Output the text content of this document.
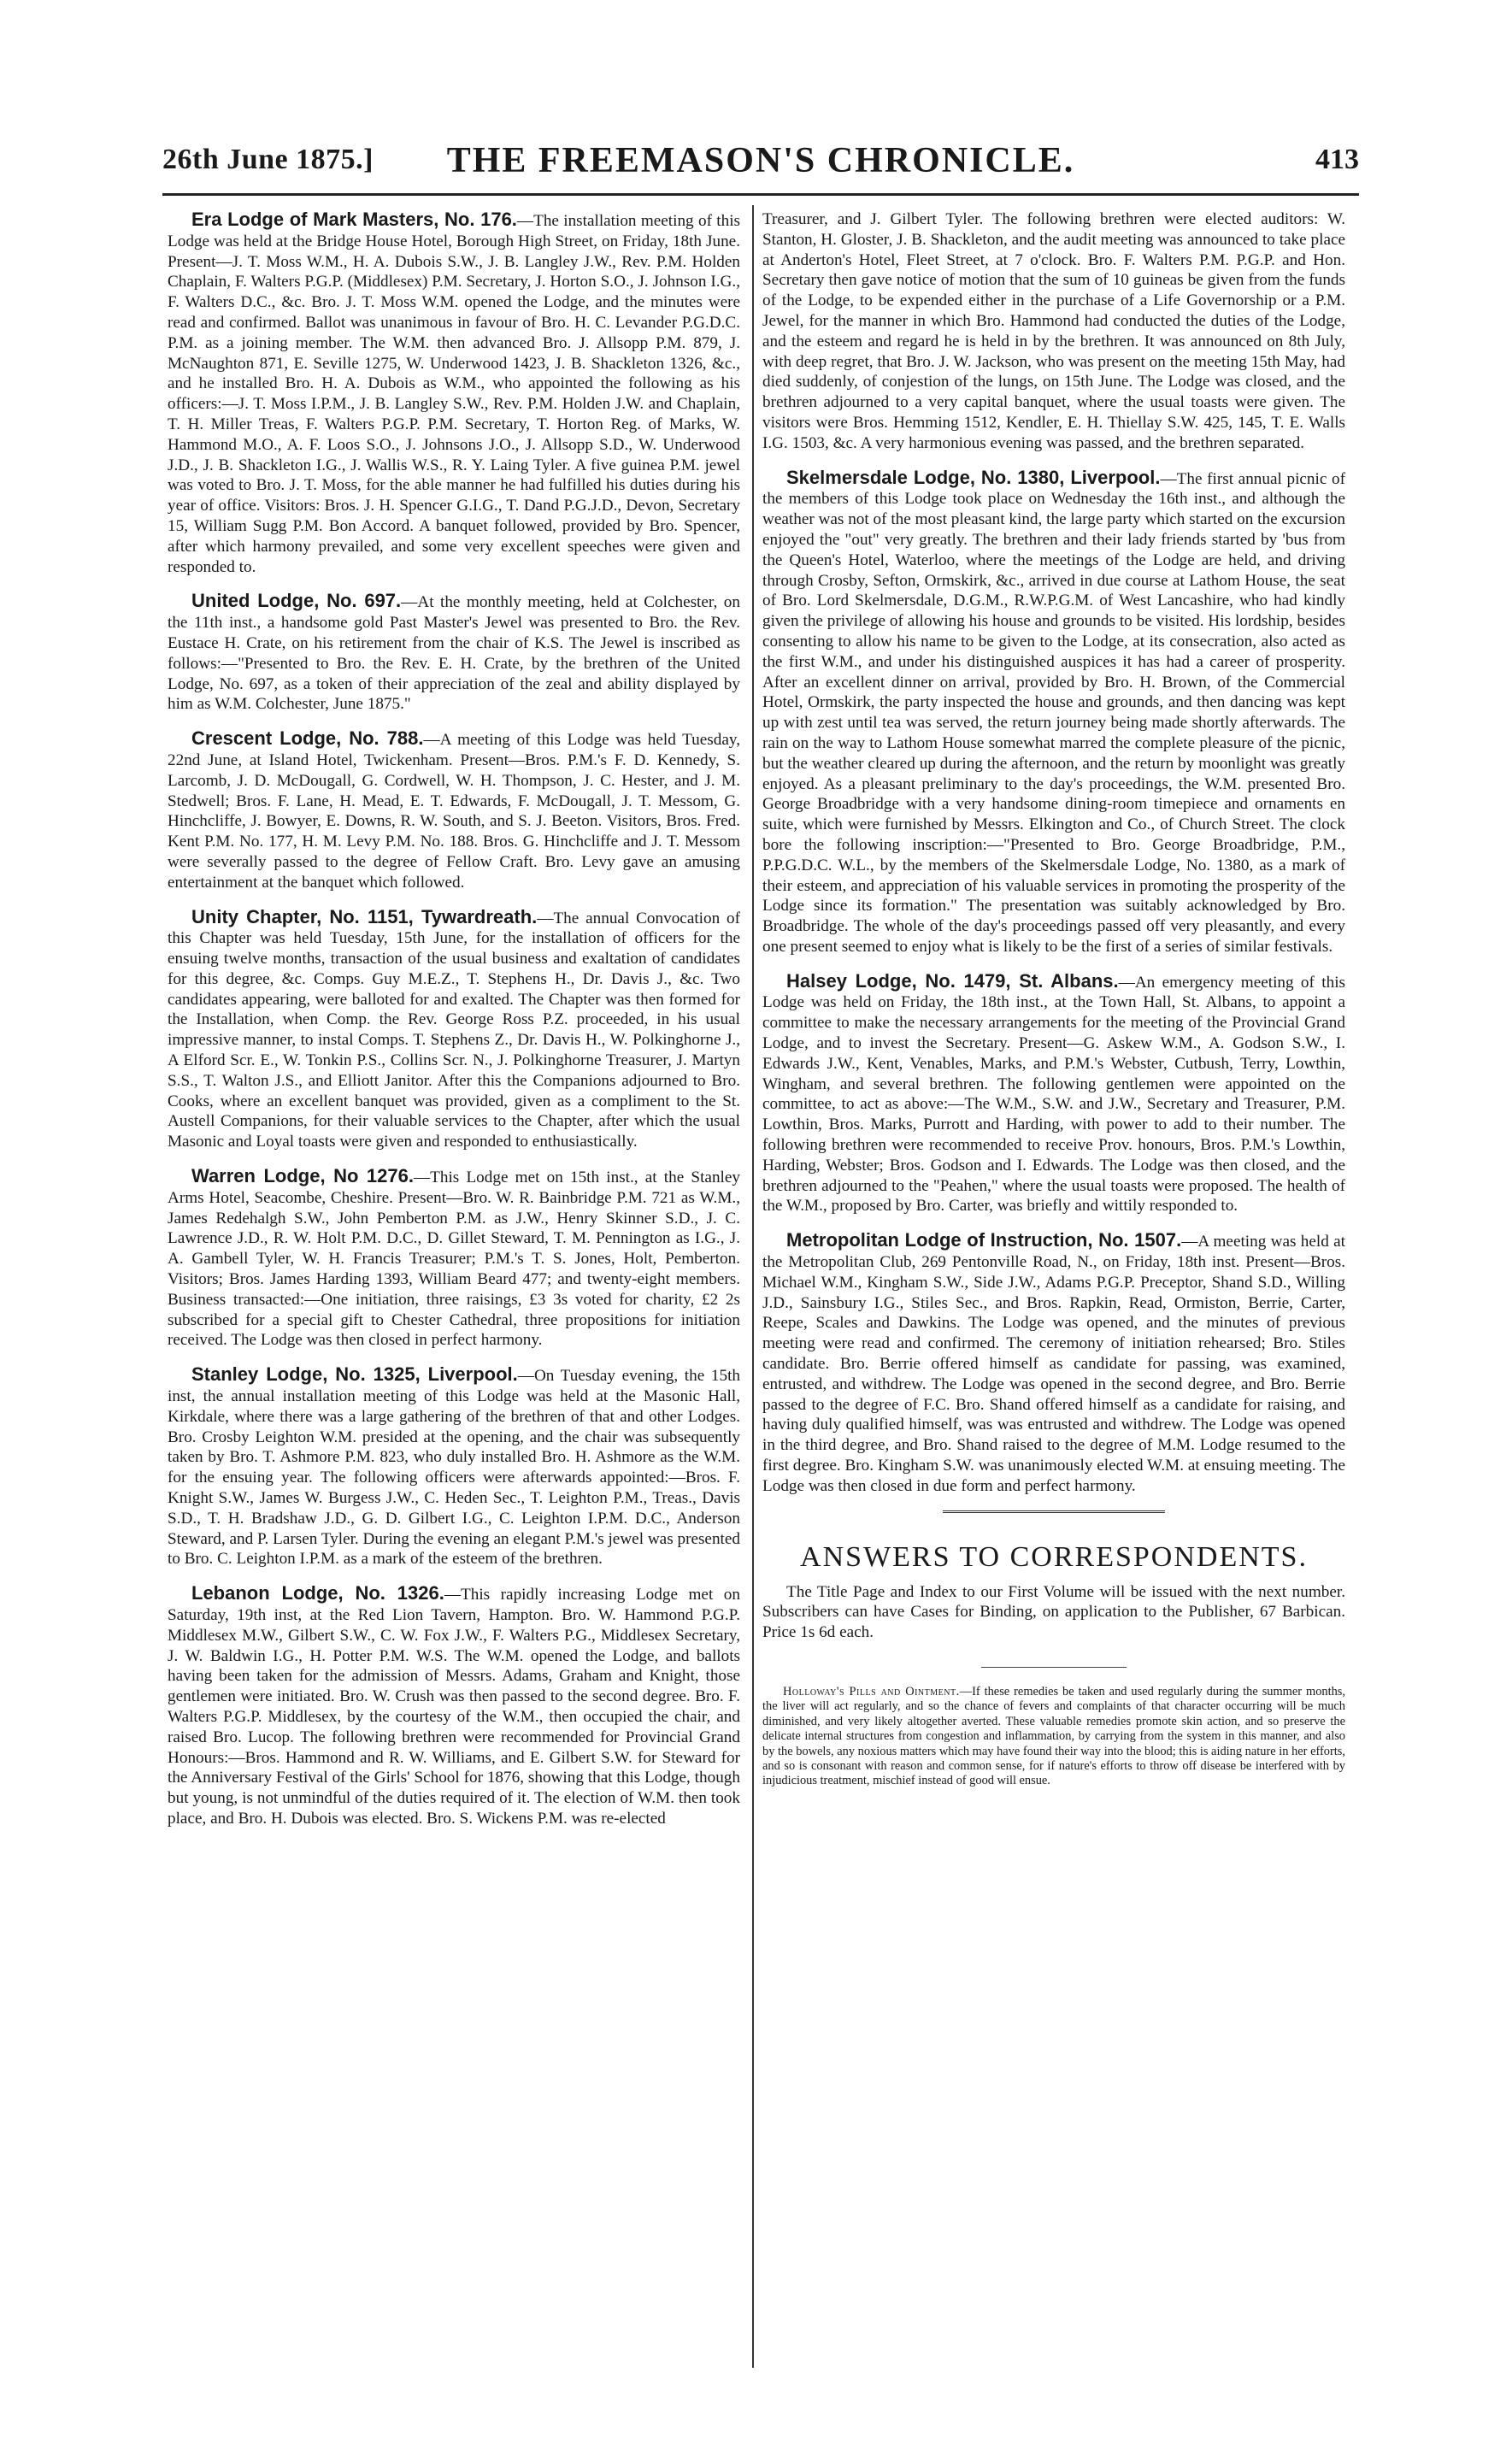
26th June 1875.]	THE FREEMASON'S CHRONICLE.	413

Era Lodge of Mark Masters, No. 176.—The installation meeting of this Lodge was held at the Bridge House Hotel, Borough High Street, on Friday, 18th June. Present—J. T. Moss W.M., H. A. Dubois S.W., J. B. Langley J.W., Rev. P.M. Holden Chaplain, F. Walters P.G.P. (Middlesex) P.M. Secretary, J. Horton S.O., J. Johnson I.G., F. Walters D.C., &c. Bro. J. T. Moss W.M. opened the Lodge, and the minutes were read and confirmed. Ballot was unanimous in favour of Bro. H. C. Levander P.G.D.C. P.M. as a joining member. The W.M. then advanced Bro. J. Allsopp P.M. 879, J. McNaughton 871, E. Seville 1275, W. Underwood 1423, J. B. Shackleton 1326, &c., and he installed Bro. H. A. Dubois as W.M., who appointed the following as his officers:—J. T. Moss I.P.M., J. B. Langley S.W., Rev. P.M. Holden J.W. and Chaplain, T. H. Miller Treas, F. Walters P.G.P. P.M. Secretary, T. Horton Reg. of Marks, W. Hammond M.O., A. F. Loos S.O., J. Johnsons J.O., J. Allsopp S.D., W. Underwood J.D., J. B. Shackleton I.G., J. Wallis W.S., R. Y. Laing Tyler. A five guinea P.M. jewel was voted to Bro. J. T. Moss, for the able manner he had fulfilled his duties during his year of office. Visitors: Bros. J. H. Spencer G.I.G., T. Dand P.G.J.D., Devon, Secretary 15, William Sugg P.M. Bon Accord. A banquet followed, provided by Bro. Spencer, after which harmony prevailed, and some very excellent speeches were given and responded to.

United Lodge, No. 697.—At the monthly meeting, held at Colchester, on the 11th inst., a handsome gold Past Master's Jewel was presented to Bro. the Rev. Eustace H. Crate, on his retirement from the chair of K.S. The Jewel is inscribed as follows:—"Presented to Bro. the Rev. E. H. Crate, by the brethren of the United Lodge, No. 697, as a token of their appreciation of the zeal and ability displayed by him as W.M. Colchester, June 1875."

Crescent Lodge, No. 788.—A meeting of this Lodge was held Tuesday, 22nd June, at Island Hotel, Twickenham. Present—Bros. P.M.'s F. D. Kennedy, S. Larcomb, J. D. McDougall, G. Cordwell, W. H. Thompson, J. C. Hester, and J. M. Stedwell; Bros. F. Lane, H. Mead, E. T. Edwards, F. McDougall, J. T. Messom, G. Hinchcliffe, J. Bowyer, E. Downs, R. W. South, and S. J. Beeton. Visitors, Bros. Fred. Kent P.M. No. 177, H. M. Levy P.M. No. 188. Bros. G. Hinchcliffe and J. T. Messom were severally passed to the degree of Fellow Craft. Bro. Levy gave an amusing entertainment at the banquet which followed.

Unity Chapter, No. 1151, Tywardreath.—The annual Convocation of this Chapter was held Tuesday, 15th June, for the installation of officers for the ensuing twelve months, transaction of the usual business and exaltation of candidates for this degree, &c. Comps. Guy M.E.Z., T. Stephens H., Dr. Davis J., &c. Two candidates appearing, were balloted for and exalted. The Chapter was then formed for the Installation, when Comp. the Rev. George Ross P.Z. proceeded, in his usual impressive manner, to instal Comps. T. Stephens Z., Dr. Davis H., W. Polkinghorne J., A Elford Scr. E., W. Tonkin P.S., Collins Scr. N., J. Polkinghorne Treasurer, J. Martyn S.S., T. Walton J.S., and Elliott Janitor. After this the Companions adjourned to Bro. Cooks, where an excellent banquet was provided, given as a compliment to the St. Austell Companions, for their valuable services to the Chapter, after which the usual Masonic and Loyal toasts were given and responded to enthusiastically.

Warren Lodge, No 1276.—This Lodge met on 15th inst., at the Stanley Arms Hotel, Seacombe, Cheshire. Present—Bro. W. R. Bainbridge P.M. 721 as W.M., James Redehalgh S.W., John Pemberton P.M. as J.W., Henry Skinner S.D., J. C. Lawrence J.D., R. W. Holt P.M. D.C., D. Gillet Steward, T. M. Pennington as I.G., J. A. Gambell Tyler, W. H. Francis Treasurer; P.M.'s T. S. Jones, Holt, Pemberton. Visitors; Bros. James Harding 1393, William Beard 477; and twenty-eight members. Business transacted:—One initiation, three raisings, £3 3s voted for charity, £2 2s subscribed for a special gift to Chester Cathedral, three propositions for initiation received. The Lodge was then closed in perfect harmony.

Stanley Lodge, No. 1325, Liverpool.—On Tuesday evening, the 15th inst, the annual installation meeting of this Lodge was held at the Masonic Hall, Kirkdale, where there was a large gathering of the brethren of that and other Lodges. Bro. Crosby Leighton W.M. presided at the opening, and the chair was subsequently taken by Bro. T. Ashmore P.M. 823, who duly installed Bro. H. Ashmore as the W.M. for the ensuing year. The following officers were afterwards appointed:—Bros. F. Knight S.W., James W. Burgess J.W., C. Heden Sec., T. Leighton P.M., Treas., Davis S.D., T. H. Bradshaw J.D., G. D. Gilbert I.G., C. Leighton I.P.M. D.C., Anderson Steward, and P. Larsen Tyler. During the evening an elegant P.M.'s jewel was presented to Bro. C. Leighton I.P.M. as a mark of the esteem of the brethren.

Lebanon Lodge, No. 1326.—This rapidly increasing Lodge met on Saturday, 19th inst, at the Red Lion Tavern, Hampton. Bro. W. Hammond P.G.P. Middlesex M.W., Gilbert S.W., C. W. Fox J.W., F. Walters P.G., Middlesex Secretary, J. W. Baldwin I.G., H. Potter P.M. W.S. The W.M. opened the Lodge, and ballots having been taken for the admission of Messrs. Adams, Graham and Knight, those gentlemen were initiated. Bro. W. Crush was then passed to the second degree. Bro. F. Walters P.G.P. Middlesex, by the courtesy of the W.M., then occupied the chair, and raised Bro. Lucop. The following brethren were recommended for Provincial Grand Honours:—Bros. Hammond and R. W. Williams, and E. Gilbert S.W. for Steward for the Anniversary Festival of the Girls' School for 1876, showing that this Lodge, though but young, is not unmindful of the duties required of it. The election of W.M. then took place, and Bro. H. Dubois was elected. Bro. S. Wickens P.M. was re-elected

Treasurer, and J. Gilbert Tyler. The following brethren were elected auditors: W. Stanton, H. Gloster, J. B. Shackleton, and the audit meeting was announced to take place at Anderton's Hotel, Fleet Street, at 7 o'clock. Bro. F. Walters P.M. P.G.P. and Hon. Secretary then gave notice of motion that the sum of 10 guineas be given from the funds of the Lodge, to be expended either in the purchase of a Life Governorship or a P.M. Jewel, for the manner in which Bro. Hammond had conducted the duties of the Lodge, and the esteem and regard he is held in by the brethren. It was announced on 8th July, with deep regret, that Bro. J. W. Jackson, who was present on the meeting 15th May, had died suddenly, of conjestion of the lungs, on 15th June. The Lodge was closed, and the brethren adjourned to a very capital banquet, where the usual toasts were given. The visitors were Bros. Hemming 1512, Kendler, E. H. Thiellay S.W. 425, 145, T. E. Walls I.G. 1503, &c. A very harmonious evening was passed, and the brethren separated.

Skelmersdale Lodge, No. 1380, Liverpool.—The first annual picnic of the members of this Lodge took place on Wednesday the 16th inst., and although the weather was not of the most pleasant kind, the large party which started on the excursion enjoyed the "out" very greatly. The brethren and their lady friends started by 'bus from the Queen's Hotel, Waterloo, where the meetings of the Lodge are held, and driving through Crosby, Sefton, Ormskirk, &c., arrived in due course at Lathom House, the seat of Bro. Lord Skelmersdale, D.G.M., R.W.P.G.M. of West Lancashire, who had kindly given the privilege of allowing his house and grounds to be visited. His lordship, besides consenting to allow his name to be given to the Lodge, at its consecration, also acted as the first W.M., and under his distinguished auspices it has had a career of prosperity. After an excellent dinner on arrival, provided by Bro. H. Brown, of the Commercial Hotel, Ormskirk, the party inspected the house and grounds, and then dancing was kept up with zest until tea was served, the return journey being made shortly afterwards. The rain on the way to Lathom House somewhat marred the complete pleasure of the picnic, but the weather cleared up during the afternoon, and the return by moonlight was greatly enjoyed. As a pleasant preliminary to the day's proceedings, the W.M. presented Bro. George Broadbridge with a very handsome dining-room timepiece and ornaments en suite, which were furnished by Messrs. Elkington and Co., of Church Street. The clock bore the following inscription:—"Presented to Bro. George Broadbridge, P.M., P.P.G.D.C. W.L., by the members of the Skelmersdale Lodge, No. 1380, as a mark of their esteem, and appreciation of his valuable services in promoting the prosperity of the Lodge since its formation." The presentation was suitably acknowledged by Bro. Broadbridge. The whole of the day's proceedings passed off very pleasantly, and every one present seemed to enjoy what is likely to be the first of a series of similar festivals.

Halsey Lodge, No. 1479, St. Albans.—An emergency meeting of this Lodge was held on Friday, the 18th inst., at the Town Hall, St. Albans, to appoint a committee to make the necessary arrangements for the meeting of the Provincial Grand Lodge, and to invest the Secretary. Present—G. Askew W.M., A. Godson S.W., I. Edwards J.W., Kent, Venables, Marks, and P.M.'s Webster, Cutbush, Terry, Lowthin, Wingham, and several brethren. The following gentlemen were appointed on the committee, to act as above:—The W.M., S.W. and J.W., Secretary and Treasurer, P.M. Lowthin, Bros. Marks, Purrott and Harding, with power to add to their number. The following brethren were recommended to receive Prov. honours, Bros. P.M.'s Lowthin, Harding, Webster; Bros. Godson and I. Edwards. The Lodge was then closed, and the brethren adjourned to the "Peahen," where the usual toasts were proposed. The health of the W.M., proposed by Bro. Carter, was briefly and wittily responded to.

Metropolitan Lodge of Instruction, No. 1507.—A meeting was held at the Metropolitan Club, 269 Pentonville Road, N., on Friday, 18th inst. Present—Bros. Michael W.M., Kingham S.W., Side J.W., Adams P.G.P. Preceptor, Shand S.D., Willing J.D., Sainsbury I.G., Stiles Sec., and Bros. Rapkin, Read, Ormiston, Berrie, Carter, Reepe, Scales and Dawkins. The Lodge was opened, and the minutes of previous meeting were read and confirmed. The ceremony of initiation rehearsed; Bro. Stiles candidate. Bro. Berrie offered himself as candidate for passing, was examined, entrusted, and withdrew. The Lodge was opened in the second degree, and Bro. Berrie passed to the degree of F.C. Bro. Shand offered himself as a candidate for raising, and having duly qualified himself, was was entrusted and withdrew. The Lodge was opened in the third degree, and Bro. Shand raised to the degree of M.M. Lodge resumed to the first degree. Bro. Kingham S.W. was unanimously elected W.M. at ensuing meeting. The Lodge was then closed in due form and perfect harmony.

ANSWERS TO CORRESPONDENTS.

The Title Page and Index to our First Volume will be issued with the next number. Subscribers can have Cases for Binding, on application to the Publisher, 67 Barbican. Price 1s 6d each.

Holloway's Pills and Ointment.—If these remedies be taken and used regularly during the summer months, the liver will act regularly, and so the chance of fevers and complaints of that character occurring will be much diminished, and very likely altogether averted. These valuable remedies promote skin action, and so preserve the delicate internal structures from congestion and inflammation, by carrying from the system in this manner, and also by the bowels, any noxious matters which may have found their way into the blood; this is aiding nature in her efforts, and so is consonant with reason and common sense, for if nature's efforts to throw off disease be interfered with by injudicious treatment, mischief instead of good will ensue.
